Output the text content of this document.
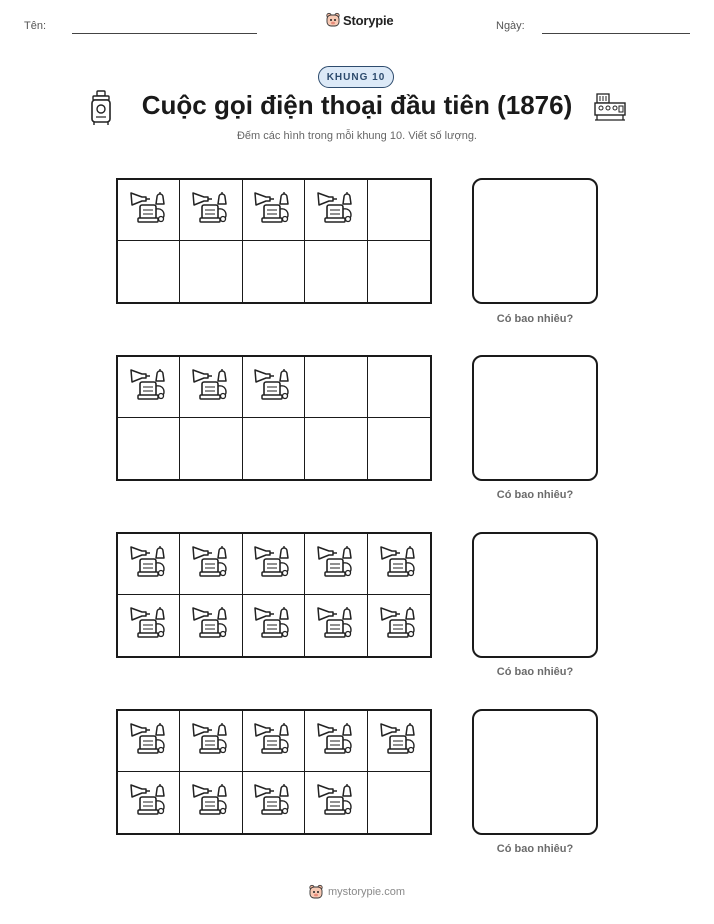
Tên:	Storypie	Ngày:
KHUNG 10
Cuộc gọi điện thoại đầu tiên (1876)
Đếm các hình trong mỗi khung 10. Viết số lượng.
Có bao nhiêu?
Có bao nhiêu?
Có bao nhiêu?
Có bao nhiêu?
mystorypie.com
